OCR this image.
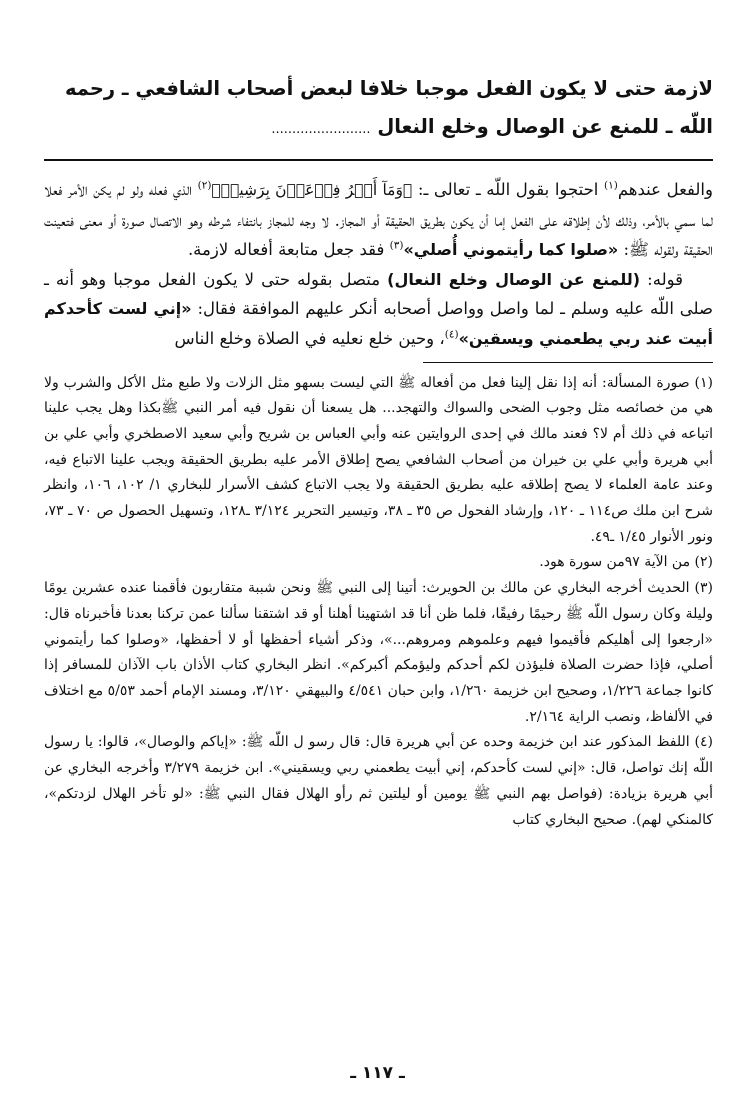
لازمة حتى لا يكون الفعل موجبا خلافا لبعض أصحاب الشافعي ـ رحمه اللّه ـ للمنع عن الوصال وخلع النعال ........................

والفعل عندهم$^{(١)}$ احتجوا بقول اللّه ـ تعالى ـ: ﴿وَمَآ أَمۡرُ فِرۡعَوۡنَ بِرَشِيدٖ﴾$^{(٢)}$ الذي فعله ولو لم يكن الأمر فعلا لما سمي بالأمر، وذلك لأن إطلاقه على الفعل إما أن يكون بطريق الحقيقة أو المجاز. لا وجه للمجاز بانتفاء شرطه وهو الاتصال صورة أو معنى فتعينت الحقيقة ولقوله ﷺ: «صلوا كما رأيتموني أُصلي»$^{(٣)}$ فقد جعل متابعة أفعاله لازمة.

قوله: (للمنع عن الوصال وخلع النعال) متصل بقوله حتى لا يكون الفعل موجبا وهو أنه ـ صلى اللّه عليه وسلم ـ لما واصل وواصل أصحابه أنكر عليهم الموافقة فقال: «إني لست كأحدكم أبيت عند ربي يطعمني ويسقين»$^{(٤)}$، وحين خلع نعليه في الصلاة وخلع الناس

(١) صورة المسألة: أنه إذا نقل إلينا فعل من أفعاله ﷺ التي ليست بسهو مثل الزلات ولا طبع مثل الأكل والشرب ولا هي من خصائصه مثل وجوب الضحى والسواك والتهجد... هل يسعنا أن نقول فيه أمر النبي ﷺبكذا وهل يجب علينا اتباعه في ذلك أم لا؟ فعند مالك في إحدى الروايتين عنه وأبي العباس بن شريح وأبي سعيد الاصطخري وأبي علي بن أبي هريرة وأبي علي بن خيران من أصحاب الشافعي يصح إطلاق الأمر عليه بطريق الحقيقة ويجب علينا الاتباع فيه، وعند عامة العلماء لا يصح إطلاقه عليه بطريق الحقيقة ولا يجب الاتباع كشف الأسرار للبخاري ١/ ١٠٢، ١٠٦، وانظر شرح ابن ملك ص١١٤ ـ ١٢٠، وإرشاد الفحول ص ٣٥ ـ ٣٨، وتيسير التحرير ٣/١٢٤ ـ١٢٨، وتسهيل الحصول ص ٧٠ ـ ٧٣، ونور الأنوار ١/٤٥ ـ٤٩.

(٢) من الآية ٩٧من سورة هود.

(٣) الحديث أخرجه البخاري عن مالك بن الحويرث: أتينا إلى النبي ﷺ ونحن شببة متقاربون فأقمنا عنده عشرين يومًا وليلة وكان رسول اللّه ﷺ رحيمًا رفيقًا، فلما ظن أنا قد اشتهينا أهلنا أو قد اشتقنا سألنا عمن تركنا بعدنا فأخبرناه قال: «ارجعوا إلى أهليكم فأقيموا فيهم وعلموهم ومروهم...»، وذكر أشياء أحفظها أو لا أحفظها، «وصلوا كما رأيتموني أصلي، فإذا حضرت الصلاة فليؤذن لكم أحدكم وليؤمكم أكبركم». انظر البخاري كتاب الأذان باب الآذان للمسافر إذا كانوا جماعة ١/٢٢٦، وصحيح ابن خزيمة ١/٢٦٠، وابن حبان ٤/٥٤١ والبيهقي ٣/١٢٠، ومسند الإمام أحمد ٥/٥٣ مع اختلاف في الألفاظ، ونصب الراية ٢/١٦٤.

(٤) اللفظ المذكور عند ابن خزيمة وحده عن أبي هريرة قال: قال رسو ل اللّه ﷺ: «إياكم والوصال»، قالوا: يا رسول اللّه إنك تواصل، قال: «إني لست كأحدكم، إني أبيت يطعمني ربي ويسقيني». ابن خزيمة ٣/٢٧٩ وأخرجه البخاري عن أبي هريرة بزيادة: (فواصل بهم النبي ﷺ يومين أو ليلتين ثم رأو الهلال فقال النبي ﷺ: «لو تأخر الهلال لزدتكم»، كالمنكي لهم). صحيح البخاري كتاب

ـ ١١٧ ـ
